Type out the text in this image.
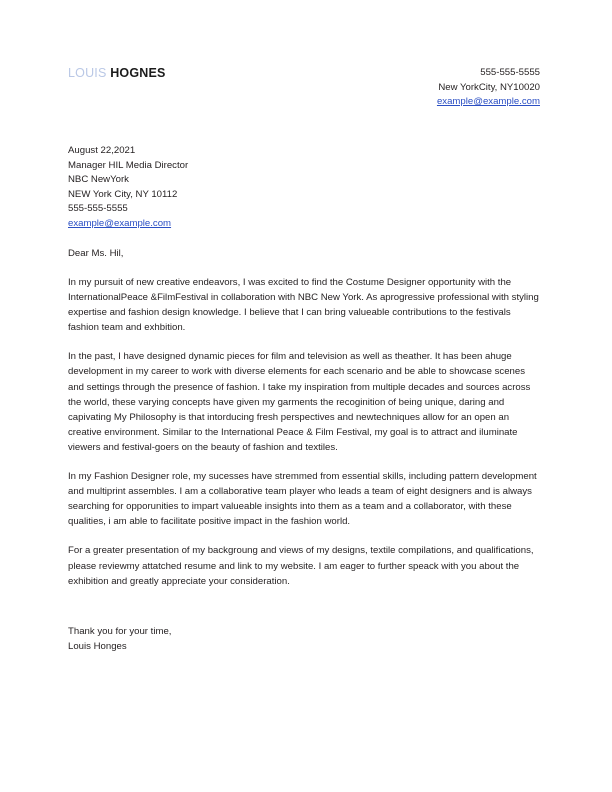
LOUIS HOGNES	555-555-5555
New YorkCity, NY10020
example@example.com
August 22,2021
Manager HIL Media Director
NBC NewYork
NEW York City, NY 10112
555-555-5555
example@example.com
Dear Ms. Hil,

In my pursuit of new creative endeavors, I was excited to find the Costume Designer opportunity with the InternationalPeace &FilmFestival in collaboration with NBC New York. As aprogressive professional with styling expertise and fashion design knowledge. I believe that I can bring valueable contributions to the festivals fashion team and exhbition.

In the past, I have designed dynamic pieces for film and television as well as theather. It has been ahuge development in my career to work with diverse elements for each scenario and be able to showcase scenes and settings through the presence of fashion. I take my inspiration from multiple decades and sources across the world, these varying concepts have given my garments the recoginition of being unique, daring and capivating My Philosophy is that intorducing fresh perspectives and newtechniques allow for an open an creative environment. Similar to the International Peace & Film Festival, my goal is to attract and iluminate viewers and festival-goers on the beauty of fashion and textiles.

In my Fashion Designer role, my sucesses have stremmed from essential skills, including pattern development and multiprint assembles. I am a collaborative team player who leads a team of eight designers and is always searching for opporunities to impart valueable insights into them as a team and a collaborator, with these qualities, i am able to facilitate positive impact in the fashion world.

For a greater presentation of my backgroung and views of my designs, textile compilations, and qualifications, please reviewmy attatched resume and link to my website. I am eager to further speack with you about the exhibition and greatly appreciate your consideration.

Thank you for your time,
Louis Honges
